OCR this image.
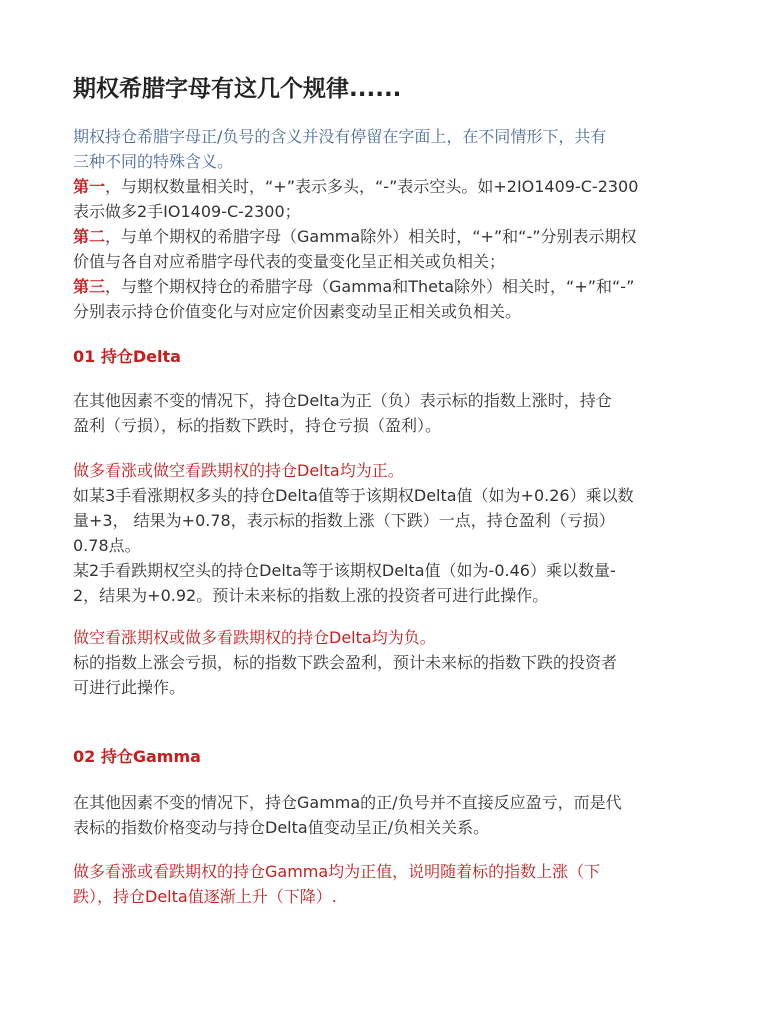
期权希腊字母有这几个规律......
期权持仓希腊字母正/负号的含义并没有停留在字面上，在不同情形下，共有
三种不同的特殊含义。
第一，与期权数量相关时，“+”表示多头，“-”表示空头。如+2IO1409-C-2300
表示做多2手IO1409-C-2300；
第二，与单个期权的希腊字母（Gamma除外）相关时，“+”和“-”分别表示期权
价值与各自对应希腊字母代表的变量变化呈正相关或负相关；
第三，与整个期权持仓的希腊字母（Gamma和Theta除外）相关时，“+”和“-”
分别表示持仓价值变化与对应定价因素变动呈正相关或负相关。
01 持仓Delta
在其他因素不变的情况下，持仓Delta为正（负）表示标的指数上涨时，持仓
盈利（亏损），标的指数下跌时，持仓亏损（盈利）。
做多看涨或做空看跌期权的持仓Delta均为正。
如某3手看涨期权多头的持仓Delta值等于该期权Delta值（如为+0.26）乘以数
量+3， 结果为+0.78，表示标的指数上涨（下跌）一点，持仓盈利（亏损）
0.78点。
某2手看跌期权空头的持仓Delta等于该期权Delta值（如为-0.46）乘以数量-
2，结果为+0.92。预计未来标的指数上涨的投资者可进行此操作。
做空看涨期权或做多看跌期权的持仓Delta均为负。
标的指数上涨会亏损，标的指数下跌会盈利，预计未来标的指数下跌的投资者
可进行此操作。
02 持仓Gamma
在其他因素不变的情况下，持仓Gamma的正/负号并不直接反应盈亏，而是代
表标的指数价格变动与持仓Delta值变动呈正/负相关关系。
做多看涨或看跌期权的持仓Gamma均为正值，说明随着标的指数上涨（下
跌），持仓Delta值逐渐上升（下降）.
